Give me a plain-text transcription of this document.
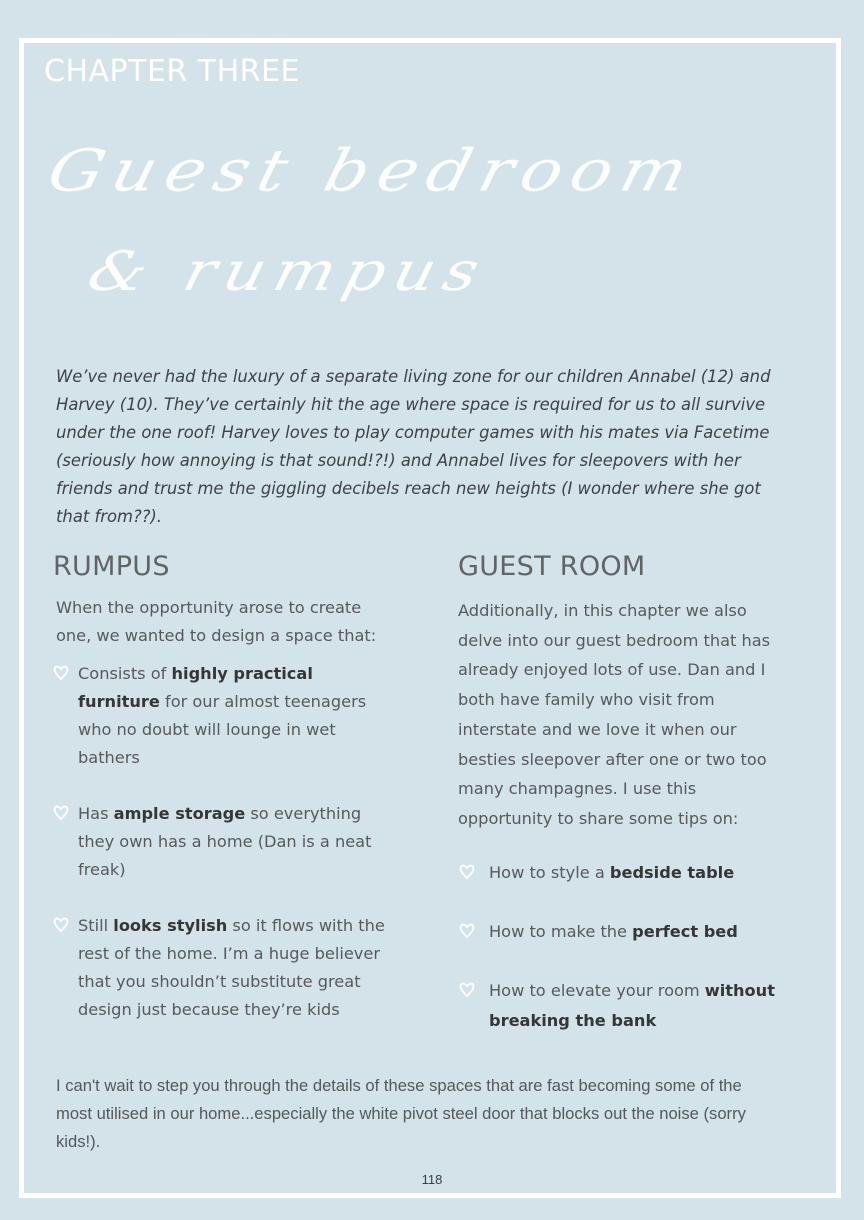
CHAPTER THREE
Guest bedroom
& rumpus

We’ve never had the luxury of a separate living zone for our children Annabel (12) and Harvey (10). They’ve certainly hit the age where space is required for us to all survive under the one roof! Harvey loves to play computer games with his mates via Facetime (seriously how annoying is that sound!?!) and Annabel lives for sleepovers with her friends and trust me the giggling decibels reach new heights (I wonder where she got that from??).

RUMPUS	GUEST ROOM

When the opportunity arose to create one, we wanted to design a space that:

Consists of highly practical furniture for our almost teenagers who no doubt will lounge in wet bathers
Has ample storage so everything they own has a home (Dan is a neat freak)
Still looks stylish so it flows with the rest of the home. I’m a huge believer that you shouldn’t substitute great design just because they’re kids

Additionally, in this chapter we also delve into our guest bedroom that has already enjoyed lots of use. Dan and I both have family who visit from interstate and we love it when our besties sleepover after one or two too many champagnes. I use this opportunity to share some tips on:

How to style a bedside table
How to make the perfect bed
How to elevate your room without breaking the bank

I can't wait to step you through the details of these spaces that are fast becoming some of the most utilised in our home...especially the white pivot steel door that blocks out the noise (sorry kids!).

118
